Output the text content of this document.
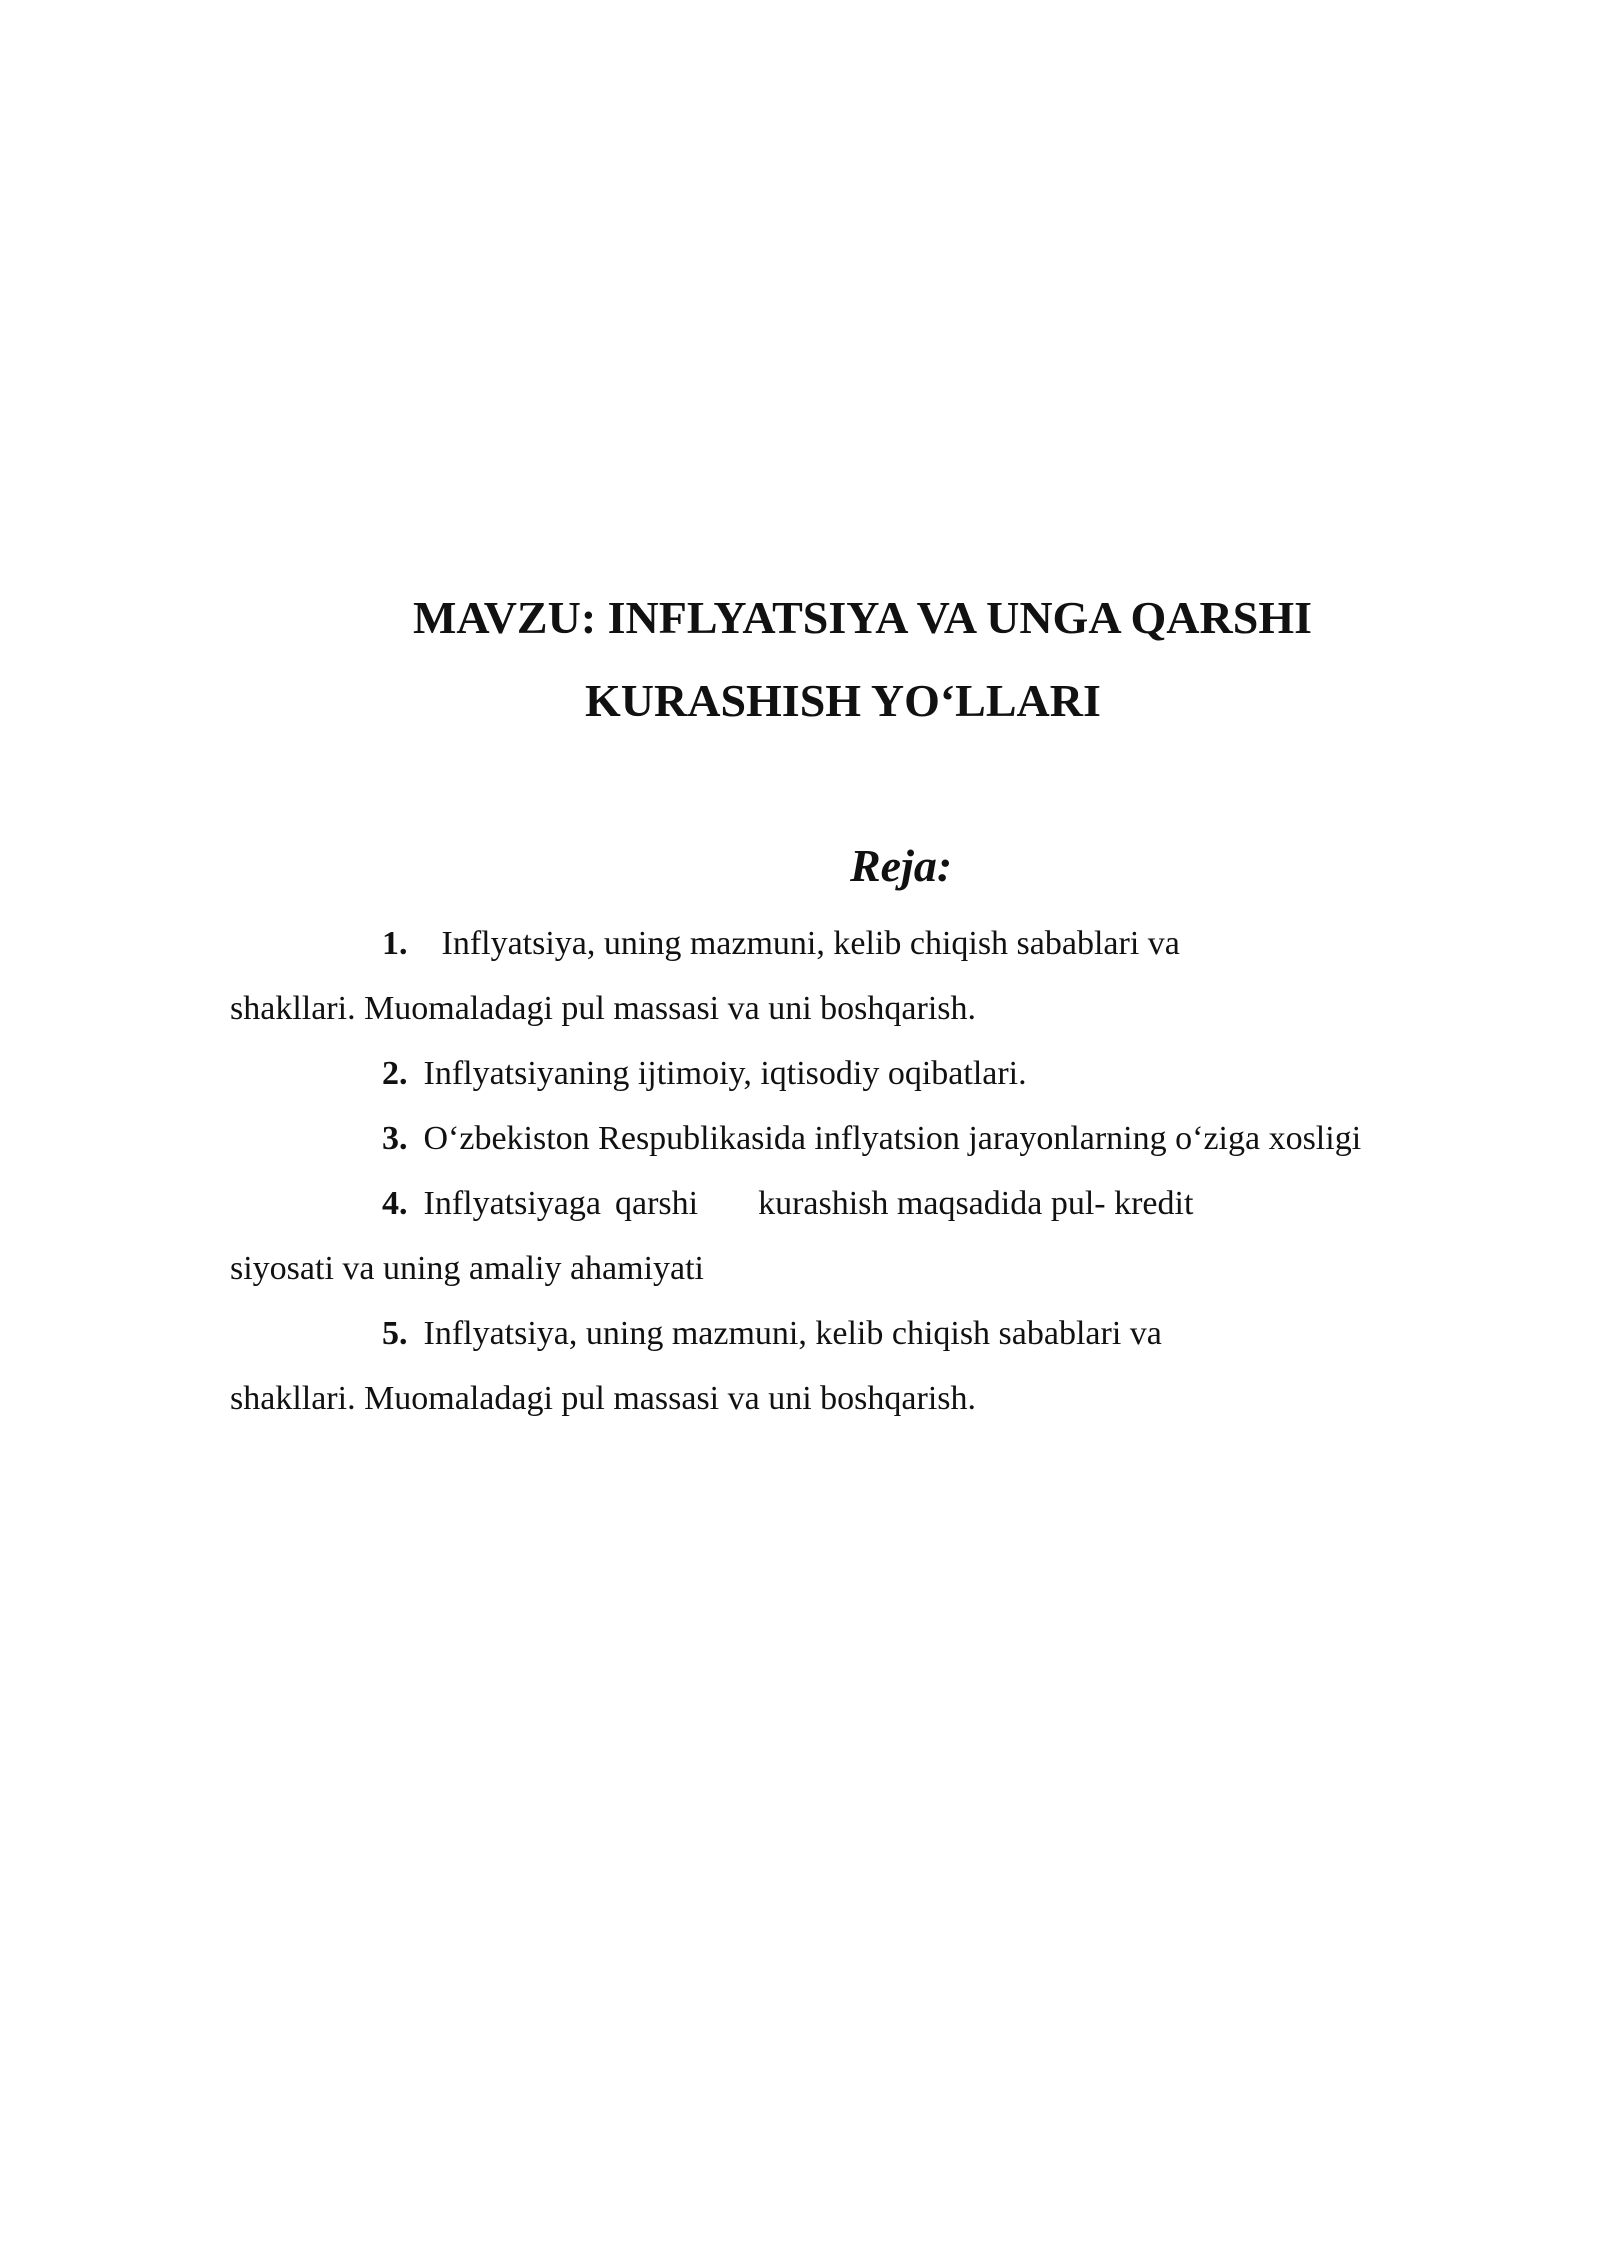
MAVZU: INFLYATSIYA VA UNGA QARSHI
KURASHISH YO‘LLARI
Reja:
1. Inflyatsiya, uning mazmuni, kelib chiqish sabablari va
shakllari. Muomaladagi pul massasi va uni boshqarish.
2. Inflyatsiyaning ijtimoiy, iqtisodiy oqibatlari.
3. O‘zbekiston Respublikasida inflyatsion jarayonlarning o‘ziga xosligi
4. Inflyatsiyaga qarshi kurashish maqsadida pul- kredit
siyosati va uning amaliy ahamiyati
5. Inflyatsiya, uning mazmuni, kelib chiqish sabablari va
shakllari. Muomaladagi pul massasi va uni boshqarish.
